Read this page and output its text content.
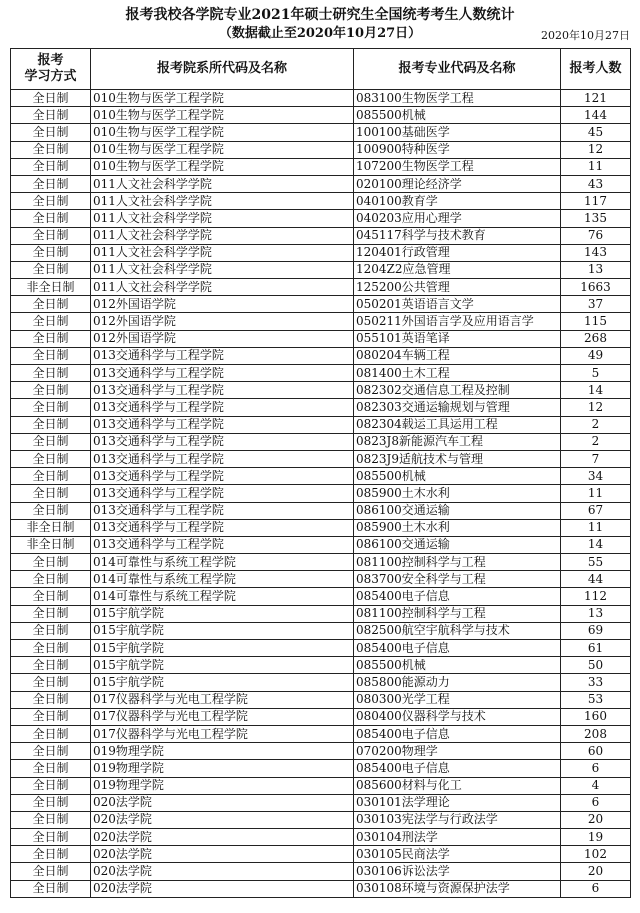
报考我校各学院专业2021年硕士研究生全国统考考生人数统计
（数据截止至2020年10月27日）	2020年10月27日
报考
学习方式	报考院系所代码及名称	报考专业代码及名称	报考人数
全日制	010生物与医学工程学院	083100生物医学工程	121
全日制	010生物与医学工程学院	085500机械	144
全日制	010生物与医学工程学院	100100基础医学	45
全日制	010生物与医学工程学院	100900特种医学	12
全日制	010生物与医学工程学院	107200生物医学工程	11
全日制	011人文社会科学学院	020100理论经济学	43
全日制	011人文社会科学学院	040100教育学	117
全日制	011人文社会科学学院	040203应用心理学	135
全日制	011人文社会科学学院	045117科学与技术教育	76
全日制	011人文社会科学学院	120401行政管理	143
全日制	011人文社会科学学院	1204Z2应急管理	13
非全日制	011人文社会科学学院	125200公共管理	1663
全日制	012外国语学院	050201英语语言文学	37
全日制	012外国语学院	050211外国语言学及应用语言学	115
全日制	012外国语学院	055101英语笔译	268
全日制	013交通科学与工程学院	080204车辆工程	49
全日制	013交通科学与工程学院	081400土木工程	5
全日制	013交通科学与工程学院	082302交通信息工程及控制	14
全日制	013交通科学与工程学院	082303交通运输规划与管理	12
全日制	013交通科学与工程学院	082304载运工具运用工程	2
全日制	013交通科学与工程学院	0823J8新能源汽车工程	2
全日制	013交通科学与工程学院	0823J9适航技术与管理	7
全日制	013交通科学与工程学院	085500机械	34
全日制	013交通科学与工程学院	085900土木水利	11
全日制	013交通科学与工程学院	086100交通运输	67
非全日制	013交通科学与工程学院	085900土木水利	11
非全日制	013交通科学与工程学院	086100交通运输	14
全日制	014可靠性与系统工程学院	081100控制科学与工程	55
全日制	014可靠性与系统工程学院	083700安全科学与工程	44
全日制	014可靠性与系统工程学院	085400电子信息	112
全日制	015宇航学院	081100控制科学与工程	13
全日制	015宇航学院	082500航空宇航科学与技术	69
全日制	015宇航学院	085400电子信息	61
全日制	015宇航学院	085500机械	50
全日制	015宇航学院	085800能源动力	33
全日制	017仪器科学与光电工程学院	080300光学工程	53
全日制	017仪器科学与光电工程学院	080400仪器科学与技术	160
全日制	017仪器科学与光电工程学院	085400电子信息	208
全日制	019物理学院	070200物理学	60
全日制	019物理学院	085400电子信息	6
全日制	019物理学院	085600材料与化工	4
全日制	020法学院	030101法学理论	6
全日制	020法学院	030103宪法学与行政法学	20
全日制	020法学院	030104刑法学	19
全日制	020法学院	030105民商法学	102
全日制	020法学院	030106诉讼法学	20
全日制	020法学院	030108环境与资源保护法学	6
